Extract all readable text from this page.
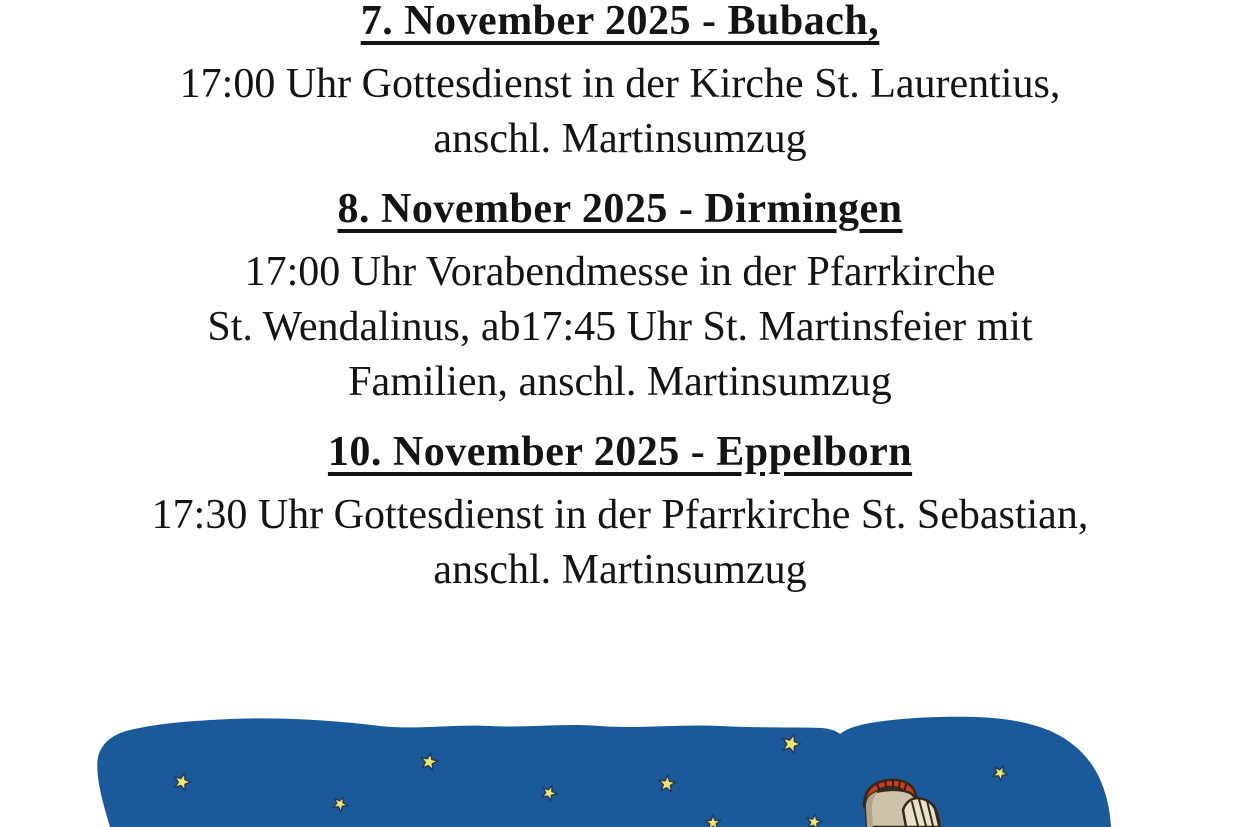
7. November 2025 - Bubach,

17:00 Uhr Gottesdienst in der Kirche St. Laurentius,
anschl. Martinsumzug

8. November 2025 - Dirmingen

17:00 Uhr Vorabendmesse in der Pfarrkirche
St. Wendalinus, ab17:45 Uhr St. Martinsfeier mit
Familien, anschl. Martinsumzug

10. November 2025 - Eppelborn

17:30 Uhr Gottesdienst in der Pfarrkirche St. Sebastian,
anschl. Martinsumzug
